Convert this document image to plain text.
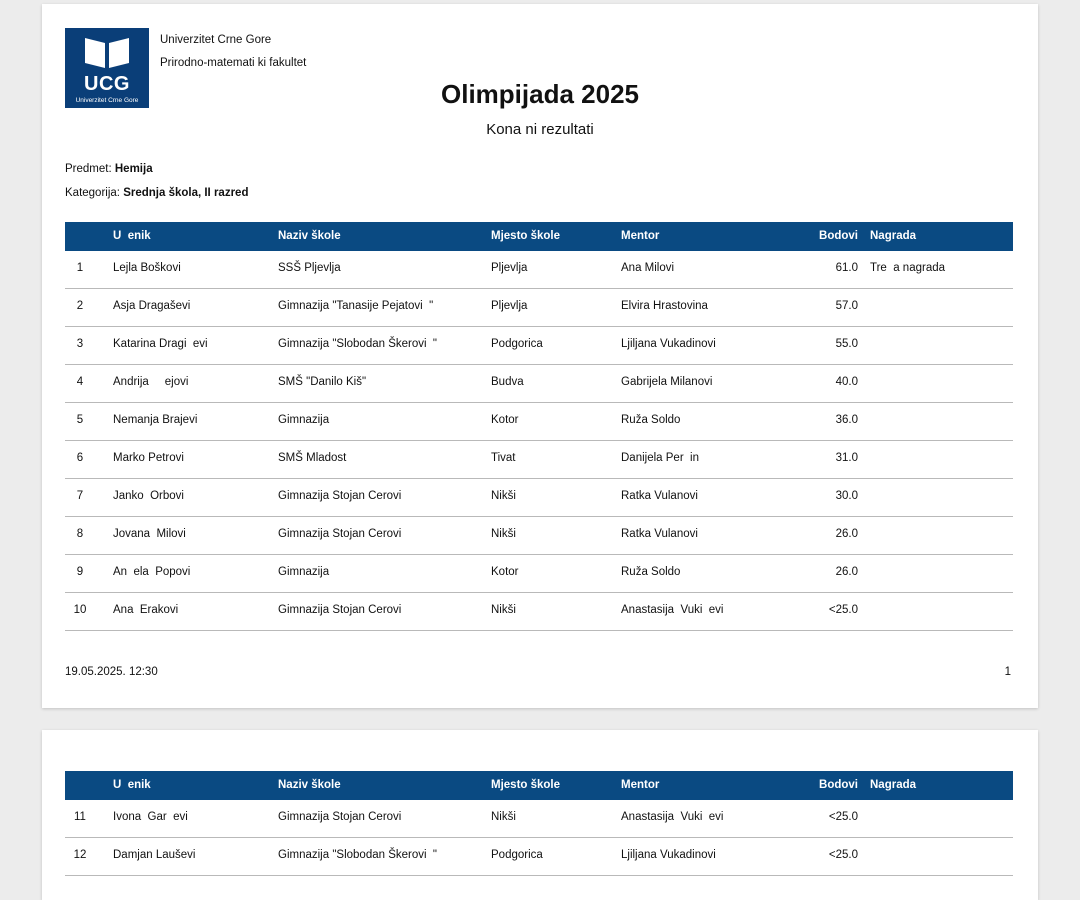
UCG
Univerzitet Crne Gore
Univerzitet Crne Gore
Prirodno-matemati ki fakultet
Olimpijada 2025
Kona ni rezultati
Predmet: Hemija
Kategorija: Srednja škola, II razred
U  enik	Naziv škole	Mjesto škole	Mentor	Bodovi Nagrada
1	Lejla Boškovi	SSŠ Pljevlja	Pljevlja	Ana Milovi	61.0 Tre  a nagrada
2	Asja Dragaševi	Gimnazija "Tanasije Pejatovi  "	Pljevlja	Elvira Hrastovina	57.0
3	Katarina Dragi  evi	Gimnazija "Slobodan Škerovi  "	Podgorica	Ljiljana Vukadinovi	55.0
4	Andrija     ejovi	SMŠ "Danilo Kiš"	Budva	Gabrijela Milanovi	40.0
5	Nemanja Brajevi	Gimnazija	Kotor	Ruža Soldo	36.0
6	Marko Petrovi	SMŠ Mladost	Tivat	Danijela Per  in	31.0
7	Janko  Orbovi	Gimnazija Stojan Cerovi	Nikši	Ratka Vulanovi	30.0
8	Jovana  Milovi	Gimnazija Stojan Cerovi	Nikši	Ratka Vulanovi	26.0
9	An  ela  Popovi	Gimnazija	Kotor	Ruža Soldo	26.0
10	Ana  Erakovi	Gimnazija Stojan Cerovi	Nikši	Anastasija  Vuki  evi	<25.0
19.05.2025. 12:30	1
U  enik	Naziv škole	Mjesto škole	Mentor	Bodovi Nagrada
11	Ivona  Gar  evi	Gimnazija Stojan Cerovi	Nikši	Anastasija  Vuki  evi	<25.0
12	Damjan Lauševi	Gimnazija "Slobodan Škerovi  "	Podgorica	Ljiljana Vukadinovi	<25.0
